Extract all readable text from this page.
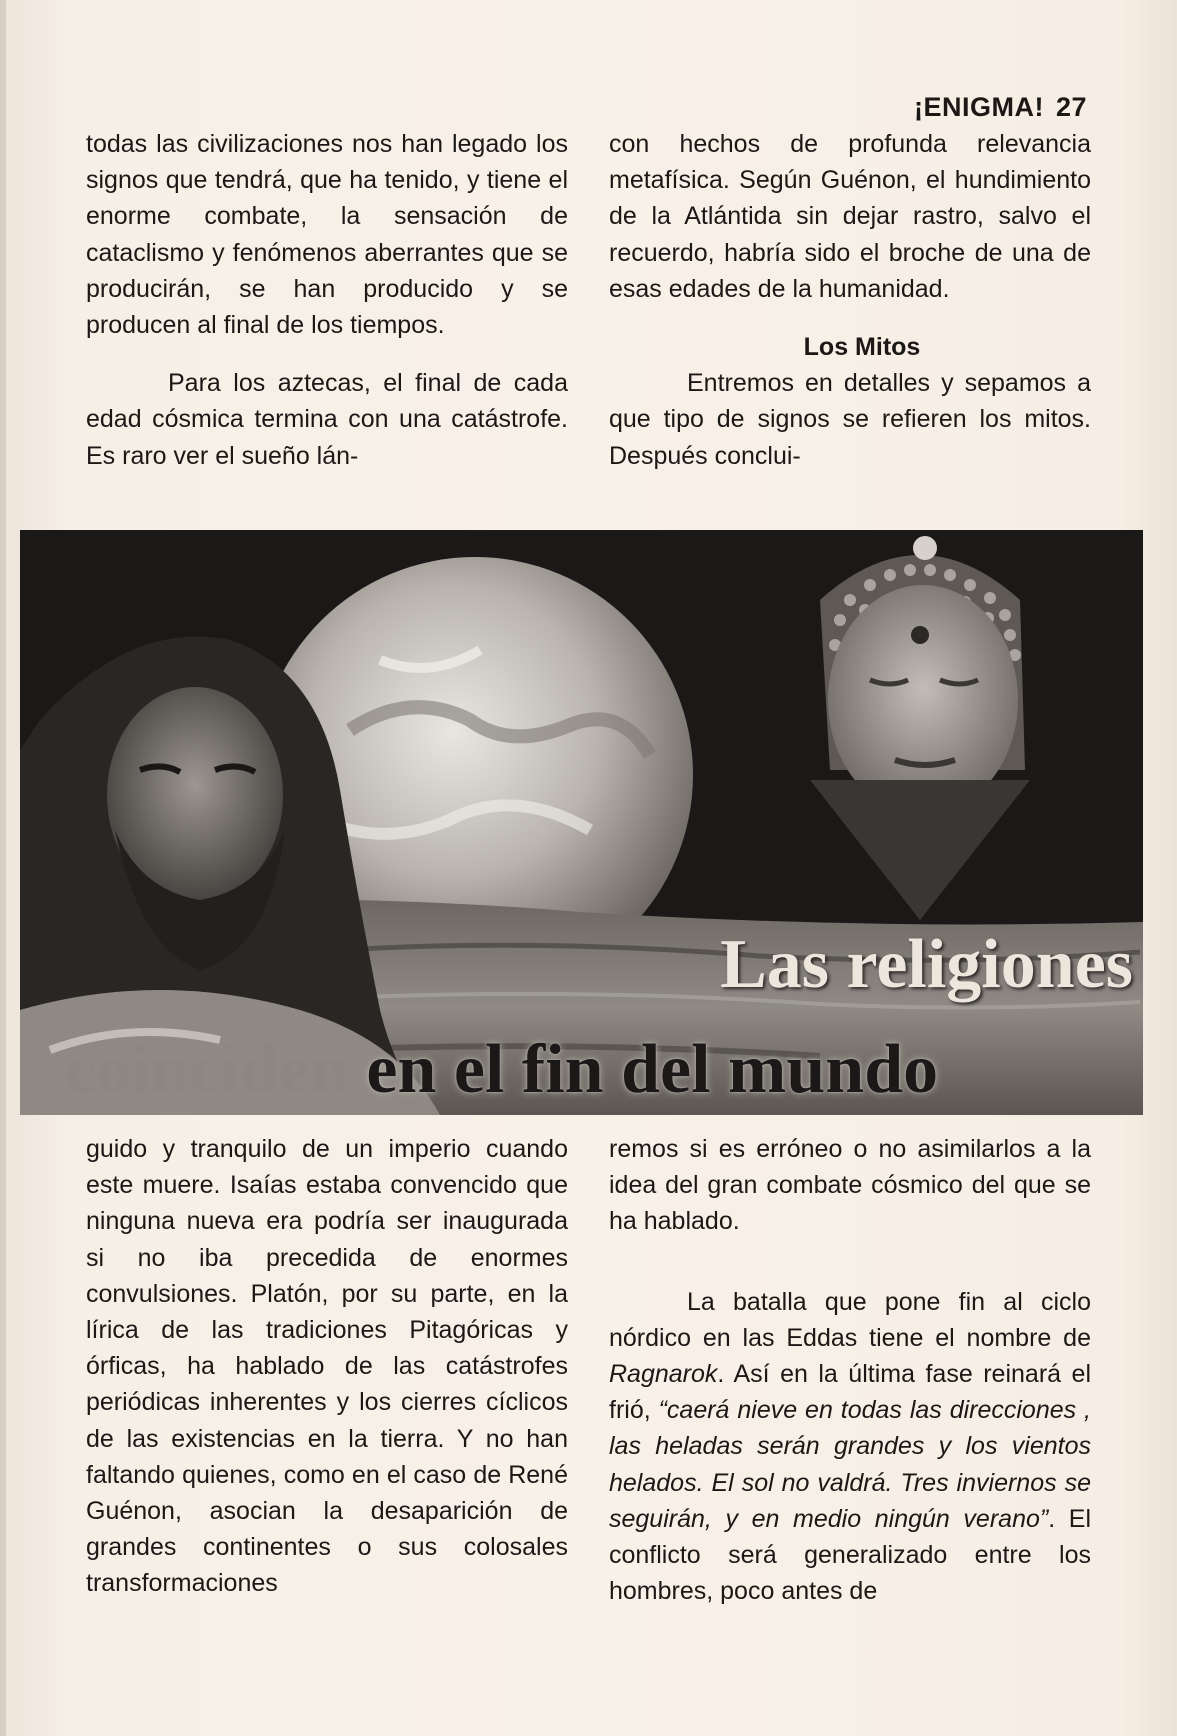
¡ENIGMA! 27

todas las civilizaciones nos han legado los signos que tendrá, que ha tenido, y tiene el enorme combate, la sensación de cataclismo y fenómenos aberrantes que se producirán, se han producido y se producen al final de los tiempos.

Para los aztecas, el final de cada edad cósmica termina con una catástrofe. Es raro ver el sueño lán-

con hechos de profunda relevancia metafísica. Según Guénon, el hundimiento de la Atlántida sin dejar rastro, salvo el recuerdo, habría sido el broche de una de esas edades de la humanidad.

Los Mitos

Entremos en detalles y sepamos a que tipo de signos se refieren los mitos. Después conclui-

Las religiones
coinciden en el fin del mundo

guido y tranquilo de un imperio cuando este muere. Isaías estaba convencido que ninguna nueva era podría ser inaugurada si no iba precedida de enormes convulsiones. Platón, por su parte, en la lírica de las tradiciones Pitagóricas y órficas, ha hablado de las catástrofes periódicas inherentes y los cierres cíclicos de las existencias en la tierra. Y no han faltando quienes, como en el caso de René Guénon, asocian la desaparición de grandes continentes o sus colosales transformaciones

remos si es erróneo o no asimilarlos a la idea del gran combate cósmico del que se ha hablado.

La batalla que pone fin al ciclo nórdico en las Eddas tiene el nombre de Ragnarok. Así en la última fase reinará el frió, “caerá nieve en todas las direcciones , las heladas serán grandes y los vientos helados. El sol no valdrá. Tres inviernos se seguirán, y en medio ningún verano”. El conflicto será generalizado entre los hombres, poco antes de
